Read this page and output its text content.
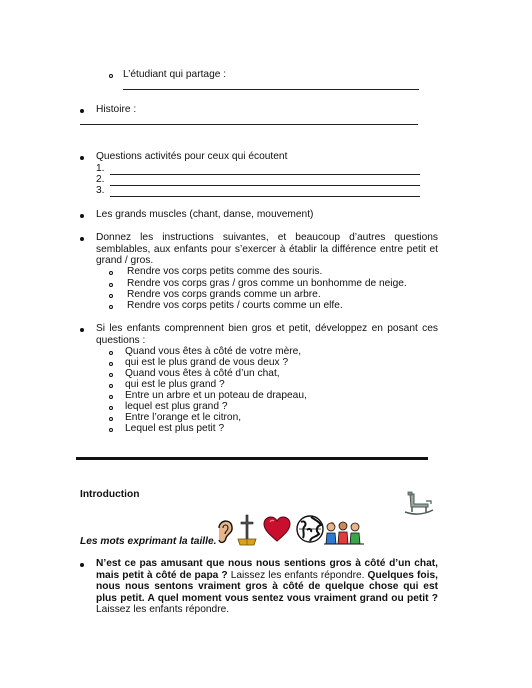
L’étudiant qui partage :
Histoire :
Questions activités pour ceux qui écoutent
1.
2.
3.
Les grands muscles (chant, danse, mouvement)
Donnez les instructions suivantes, et beaucoup d’autres questions semblables, aux enfants pour s’exercer à établir la différence entre petit et grand / gros.
Rendre vos corps petits comme des souris.
Rendre vos corps gras / gros comme un bonhomme de neige.
Rendre vos corps grands comme un arbre.
Rendre vos corps petits / courts comme un elfe.
Si les enfants comprennent bien gros et petit, développez en posant ces questions :
Quand vous êtes à côté de votre mère,
qui est le plus grand de vous deux ?
Quand vous êtes à côté d’un chat,
qui est le plus grand ?
Entre un arbre et un poteau de drapeau,
lequel est plus grand ?
Entre l’orange et le citron,
Lequel est plus petit ?
Introduction
Les mots exprimant la taille.
N’est ce pas amusant que nous nous sentions gros à côté d’un chat, mais petit à côté de papa ? Laissez les enfants répondre. Quelques fois, nous nous sentons vraiment gros à côté de quelque chose qui est plus petit. A quel moment vous sentez vous vraiment grand ou petit ? Laissez les enfants répondre.
